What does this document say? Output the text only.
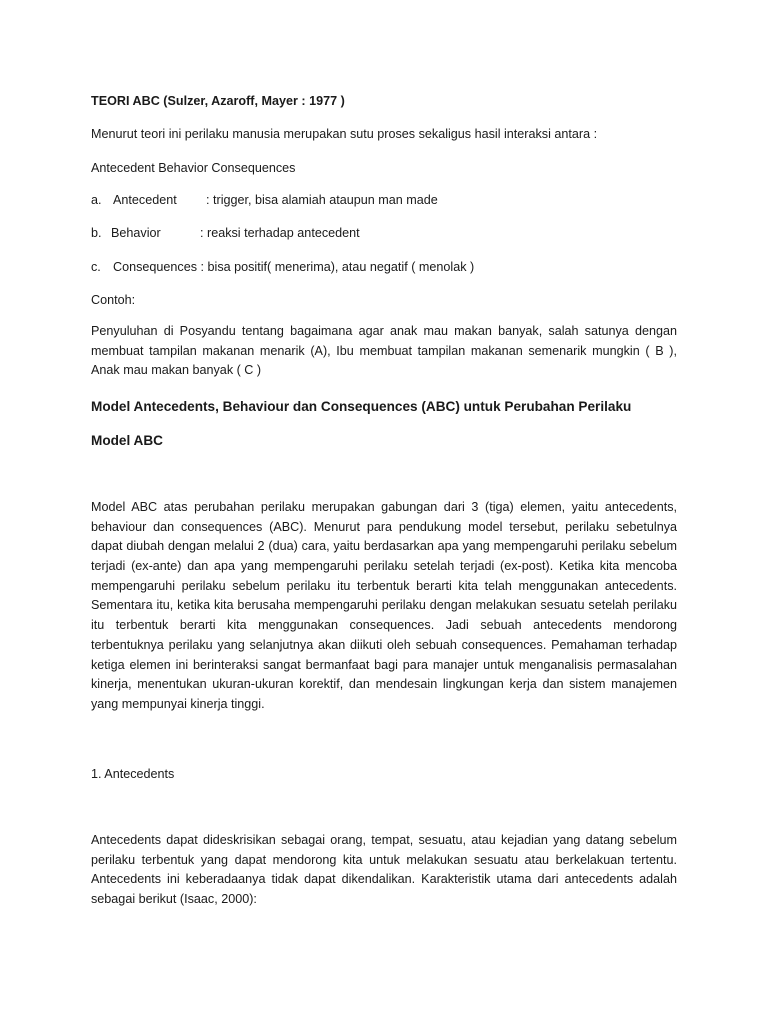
TEORI ABC (Sulzer, Azaroff, Mayer : 1977 )
Menurut teori ini perilaku manusia merupakan sutu proses sekaligus hasil interaksi antara :
Antecedent Behavior Consequences
a. Antecedent : trigger, bisa alamiah ataupun man made
b. Behavior	: reaksi terhadap antecedent
c. Consequences : bisa positif( menerima), atau negatif ( menolak )
Contoh:
Penyuluhan di Posyandu tentang bagaimana agar anak mau makan banyak, salah satunya dengan
membuat tampilan makanan menarik (A), Ibu membuat tampilan makanan semenarik mungkin ( B ),
Anak mau makan banyak ( C )
Model Antecedents, Behaviour dan Consequences (ABC) untuk Perubahan Perilaku
Model ABC
Model ABC atas perubahan perilaku merupakan gabungan dari 3 (tiga) elemen, yaitu antecedents,
behaviour dan consequences (ABC). Menurut para pendukung model tersebut, perilaku sebetulnya
dapat diubah dengan melalui 2 (dua) cara, yaitu berdasarkan apa yang mempengaruhi perilaku sebelum
terjadi (ex-ante) dan apa yang mempengaruhi perilaku setelah terjadi (ex-post). Ketika kita mencoba
mempengaruhi perilaku sebelum perilaku itu terbentuk berarti kita telah menggunakan antecedents.
Sementara itu, ketika kita berusaha mempengaruhi perilaku dengan melakukan sesuatu setelah perilaku
itu terbentuk berarti kita menggunakan consequences. Jadi sebuah antecedents mendorong
terbentuknya perilaku yang selanjutnya akan diikuti oleh sebuah consequences. Pemahaman terhadap
ketiga elemen ini berinteraksi sangat bermanfaat bagi para manajer untuk menganalisis permasalahan
kinerja, menentukan ukuran-ukuran korektif, dan mendesain lingkungan kerja dan sistem manajemen
yang mempunyai kinerja tinggi.
1. Antecedents
Antecedents dapat dideskrisikan sebagai orang, tempat, sesuatu, atau kejadian yang datang sebelum
perilaku terbentuk yang dapat mendorong kita untuk melakukan sesuatu atau berkelakuan tertentu.
Antecedents ini keberadaanya tidak dapat dikendalikan. Karakteristik utama dari antecedents adalah
sebagai berikut (Isaac, 2000):
